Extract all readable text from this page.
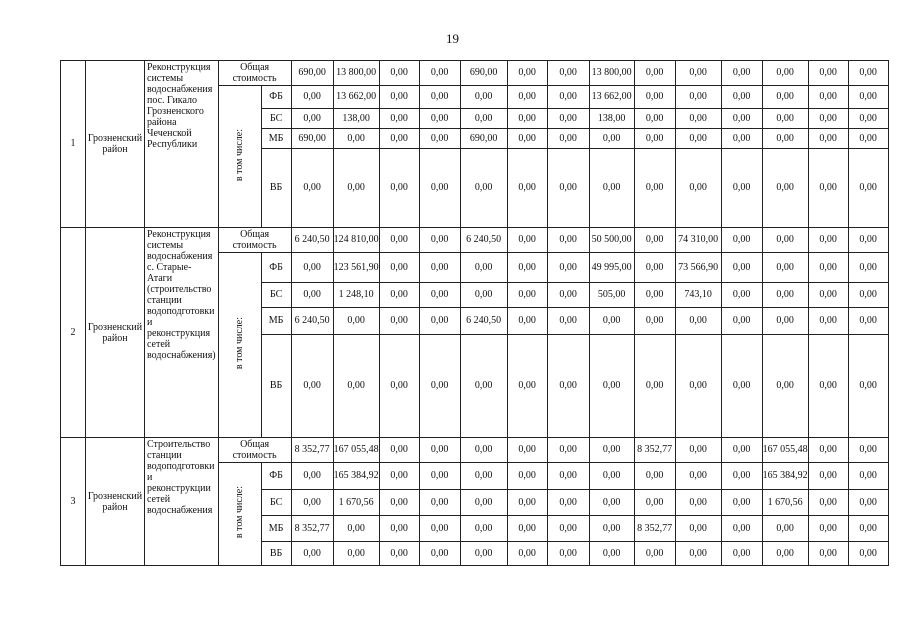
19
1	Грозненский район	Реконструкция системы водоснабжения пос. Гикало Грозненского района Чеченской Республики	Общая стоимость		690,00	13 800,00	0,00	0,00	690,00	0,00	0,00	13 800,00	0,00	0,00	0,00	0,00	0,00	0,00
			в том числе:	ФБ	0,00	13 662,00	0,00	0,00	0,00	0,00	0,00	13 662,00	0,00	0,00	0,00	0,00	0,00	0,00
				БС	0,00	138,00	0,00	0,00	0,00	0,00	0,00	138,00	0,00	0,00	0,00	0,00	0,00	0,00
				МБ	690,00	0,00	0,00	0,00	690,00	0,00	0,00	0,00	0,00	0,00	0,00	0,00	0,00	0,00
				ВБ	0,00	0,00	0,00	0,00	0,00	0,00	0,00	0,00	0,00	0,00	0,00	0,00	0,00	0,00
2	Грозненский район	Реконструкция системы водоснабжения с. Старые-Атаги (строительство станции водоподготовки и реконструкция сетей водоснабжения)	Общая стоимость		6 240,50	124 810,00	0,00	0,00	6 240,50	0,00	0,00	50 500,00	0,00	74 310,00	0,00	0,00	0,00	0,00
			в том числе:	ФБ	0,00	123 561,90	0,00	0,00	0,00	0,00	0,00	49 995,00	0,00	73 566,90	0,00	0,00	0,00	0,00
				БС	0,00	1 248,10	0,00	0,00	0,00	0,00	0,00	505,00	0,00	743,10	0,00	0,00	0,00	0,00
				МБ	6 240,50	0,00	0,00	0,00	6 240,50	0,00	0,00	0,00	0,00	0,00	0,00	0,00	0,00	0,00
				ВБ	0,00	0,00	0,00	0,00	0,00	0,00	0,00	0,00	0,00	0,00	0,00	0,00	0,00	0,00
3	Грозненский район	Строительство станции водоподготовки и реконструкции сетей водоснабжения	Общая стоимость		8 352,77	167 055,48	0,00	0,00	0,00	0,00	0,00	0,00	8 352,77	0,00	0,00	167 055,48	0,00	0,00
			в том числе:	ФБ	0,00	165 384,92	0,00	0,00	0,00	0,00	0,00	0,00	0,00	0,00	0,00	165 384,92	0,00	0,00
				БС	0,00	1 670,56	0,00	0,00	0,00	0,00	0,00	0,00	0,00	0,00	0,00	1 670,56	0,00	0,00
				МБ	8 352,77	0,00	0,00	0,00	0,00	0,00	0,00	0,00	8 352,77	0,00	0,00	0,00	0,00	0,00
				ВБ	0,00	0,00	0,00	0,00	0,00	0,00	0,00	0,00	0,00	0,00	0,00	0,00	0,00	0,00
